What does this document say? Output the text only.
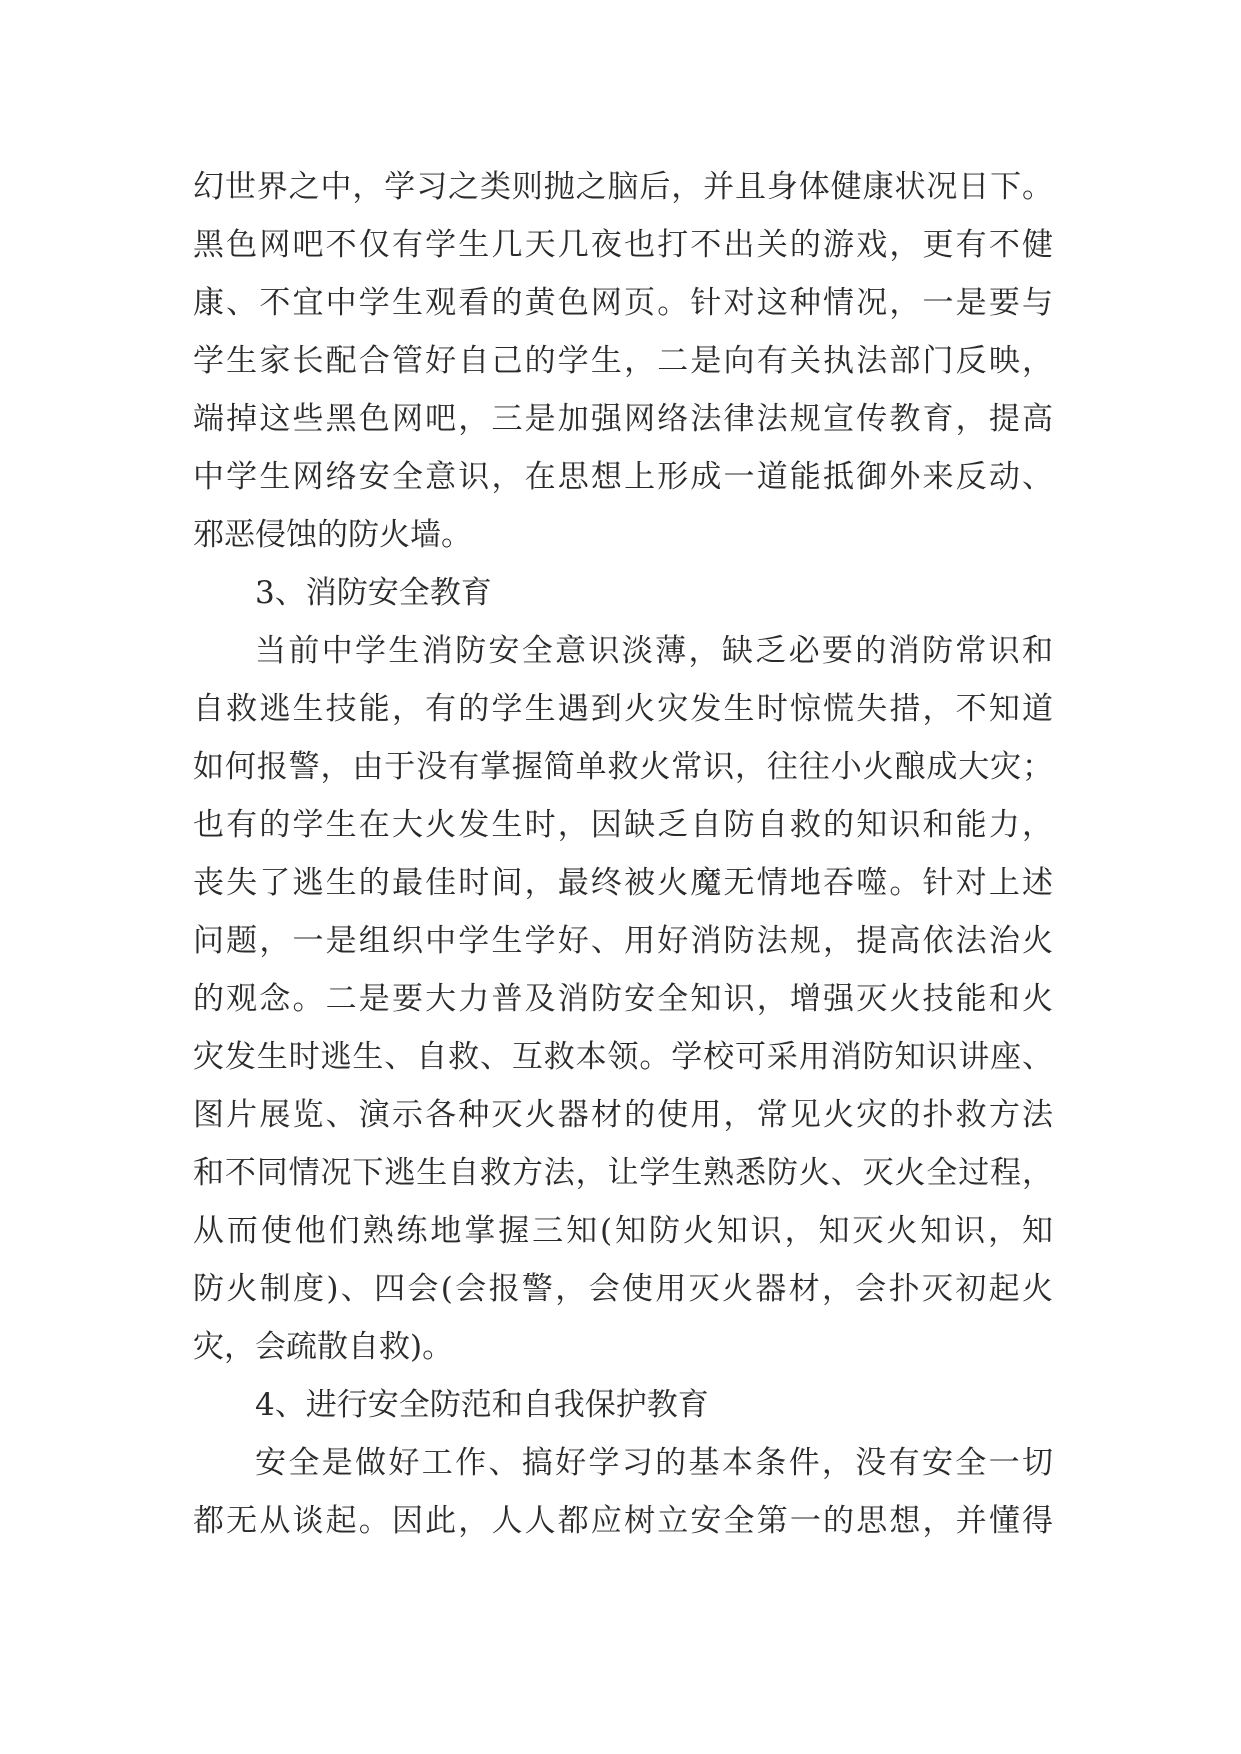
幻世界之中，学习之类则抛之脑后，并且身体健康状况日下。
黑色网吧不仅有学生几天几夜也打不出关的游戏，更有不健
康、不宜中学生观看的黄色网页。针对这种情况，一是要与
学生家长配合管好自己的学生，二是向有关执法部门反映，
端掉这些黑色网吧，三是加强网络法律法规宣传教育，提高
中学生网络安全意识，在思想上形成一道能抵御外来反动、
邪恶侵蚀的防火墙。
3、消防安全教育
当前中学生消防安全意识淡薄，缺乏必要的消防常识和
自救逃生技能，有的学生遇到火灾发生时惊慌失措，不知道
如何报警，由于没有掌握简单救火常识，往往小火酿成大灾；
也有的学生在大火发生时，因缺乏自防自救的知识和能力，
丧失了逃生的最佳时间，最终被火魔无情地吞噬。针对上述
问题，一是组织中学生学好、用好消防法规，提高依法治火
的观念。二是要大力普及消防安全知识，增强灭火技能和火
灾发生时逃生、自救、互救本领。学校可采用消防知识讲座、
图片展览、演示各种灭火器材的使用，常见火灾的扑救方法
和不同情况下逃生自救方法，让学生熟悉防火、灭火全过程，
从而使他们熟练地掌握三知(知防火知识，知灭火知识，知
防火制度)、四会(会报警，会使用灭火器材，会扑灭初起火
灾，会疏散自救)。
4、进行安全防范和自我保护教育
安全是做好工作、搞好学习的基本条件，没有安全一切
都无从谈起。因此，人人都应树立安全第一的思想，并懂得
